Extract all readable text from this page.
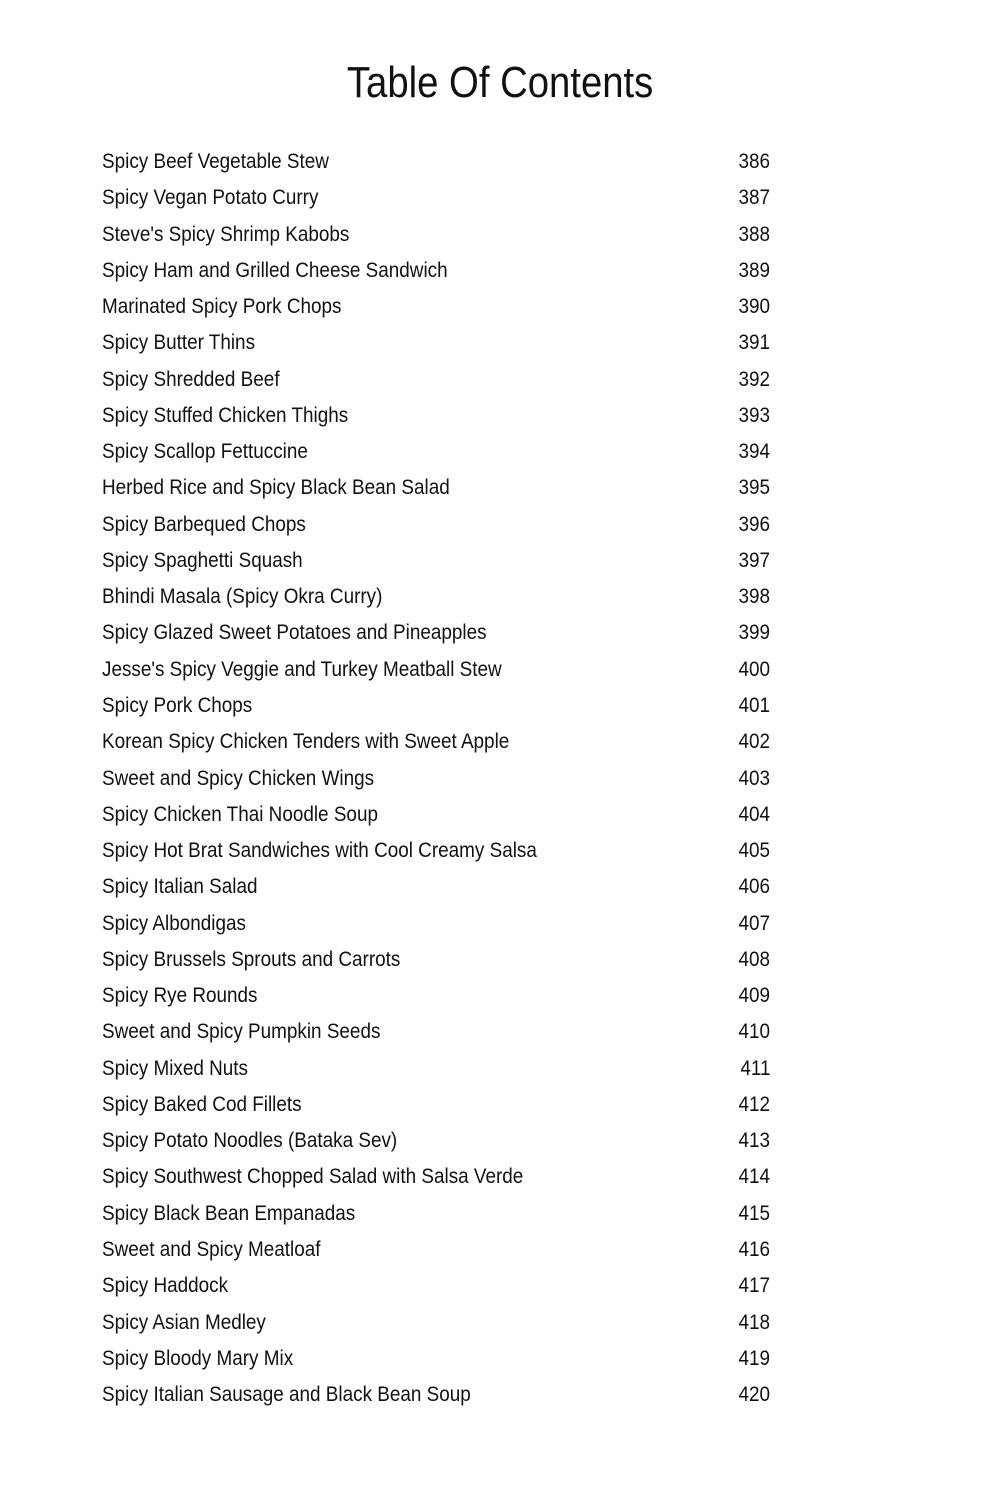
Table Of Contents
Spicy Beef Vegetable Stew	386
Spicy Vegan Potato Curry	387
Steve's Spicy Shrimp Kabobs	388
Spicy Ham and Grilled Cheese Sandwich	389
Marinated Spicy Pork Chops	390
Spicy Butter Thins	391
Spicy Shredded Beef	392
Spicy Stuffed Chicken Thighs	393
Spicy Scallop Fettuccine	394
Herbed Rice and Spicy Black Bean Salad	395
Spicy Barbequed Chops	396
Spicy Spaghetti Squash	397
Bhindi Masala (Spicy Okra Curry)	398
Spicy Glazed Sweet Potatoes and Pineapples	399
Jesse's Spicy Veggie and Turkey Meatball Stew	400
Spicy Pork Chops	401
Korean Spicy Chicken Tenders with Sweet Apple	402
Sweet and Spicy Chicken Wings	403
Spicy Chicken Thai Noodle Soup	404
Spicy Hot Brat Sandwiches with Cool Creamy Salsa	405
Spicy Italian Salad	406
Spicy Albondigas	407
Spicy Brussels Sprouts and Carrots	408
Spicy Rye Rounds	409
Sweet and Spicy Pumpkin Seeds	410
Spicy Mixed Nuts	411
Spicy Baked Cod Fillets	412
Spicy Potato Noodles (Bataka Sev)	413
Spicy Southwest Chopped Salad with Salsa Verde	414
Spicy Black Bean Empanadas	415
Sweet and Spicy Meatloaf	416
Spicy Haddock	417
Spicy Asian Medley	418
Spicy Bloody Mary Mix	419
Spicy Italian Sausage and Black Bean Soup	420
